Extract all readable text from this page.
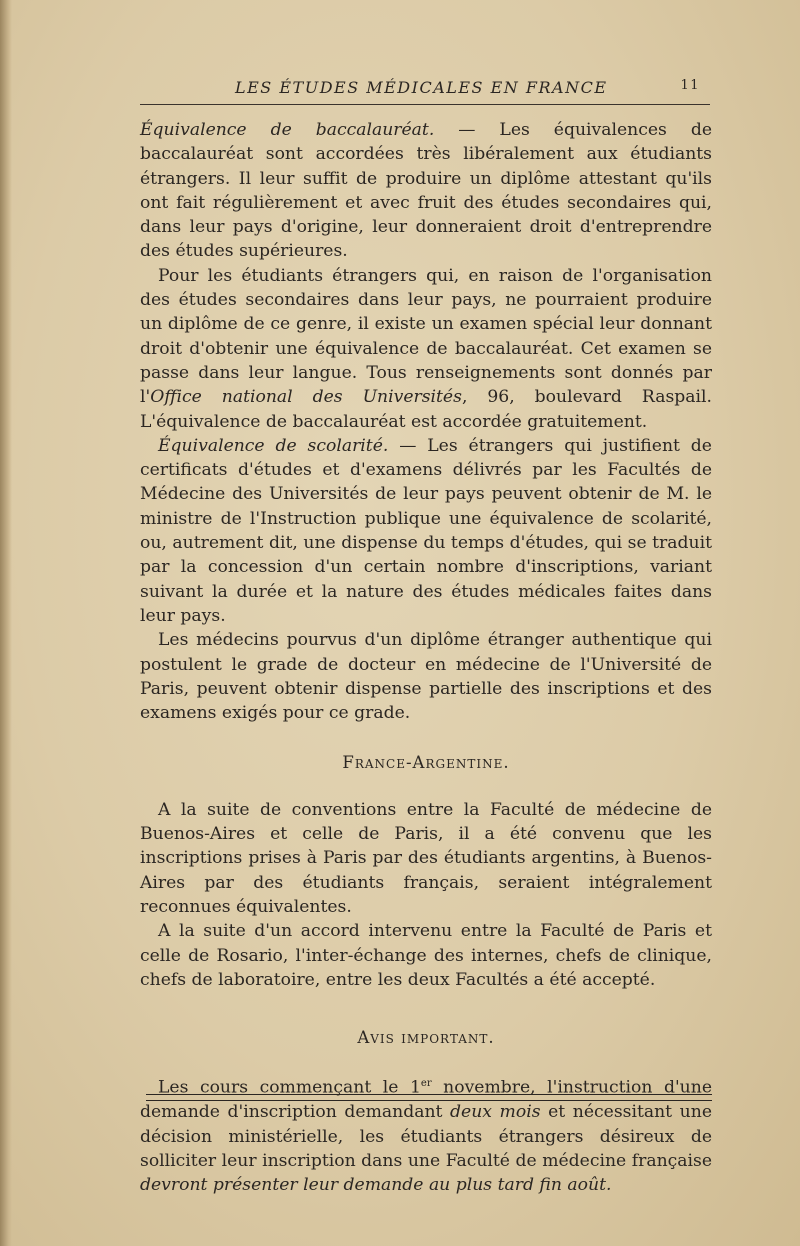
LES ÉTUDES MÉDICALES EN FRANCE	11

Équivalence de baccalauréat. — Les équivalences de baccalauréat sont accordées très libéralement aux étudiants étrangers. Il leur suffit de produire un diplôme attestant qu'ils ont fait régulièrement et avec fruit des études secondaires qui, dans leur pays d'origine, leur donneraient droit d'entreprendre des études supérieures.

Pour les étudiants étrangers qui, en raison de l'organisation des études secondaires dans leur pays, ne pourraient produire un diplôme de ce genre, il existe un examen spécial leur donnant droit d'obtenir une équivalence de baccalauréat. Cet examen se passe dans leur langue. Tous renseignements sont donnés par l'Office national des Universités, 96, boulevard Raspail. L'équivalence de baccalauréat est accordée gratuitement.

Équivalence de scolarité. — Les étrangers qui justifient de certificats d'études et d'examens délivrés par les Facultés de Médecine des Universités de leur pays peuvent obtenir de M. le ministre de l'Instruction publique une équivalence de scolarité, ou, autrement dit, une dispense du temps d'études, qui se traduit par la concession d'un certain nombre d'inscriptions, variant suivant la durée et la nature des études médicales faites dans leur pays.

Les médecins pourvus d'un diplôme étranger authentique qui postulent le grade de docteur en médecine de l'Université de Paris, peuvent obtenir dispense partielle des inscriptions et des examens exigés pour ce grade.

France-Argentine.

A la suite de conventions entre la Faculté de médecine de Buenos-Aires et celle de Paris, il a été convenu que les inscriptions prises à Paris par des étudiants argentins, à Buenos-Aires par des étudiants français, seraient intégralement reconnues équivalentes.

A la suite d'un accord intervenu entre la Faculté de Paris et celle de Rosario, l'inter-échange des internes, chefs de clinique, chefs de laboratoire, entre les deux Facultés a été accepté.

Avis important.

Les cours commençant le 1er novembre, l'instruction d'une demande d'inscription demandant deux mois et nécessitant une décision ministérielle, les étudiants étrangers désireux de solliciter leur inscription dans une Faculté de médecine française devront présenter leur demande au plus tard fin août.
